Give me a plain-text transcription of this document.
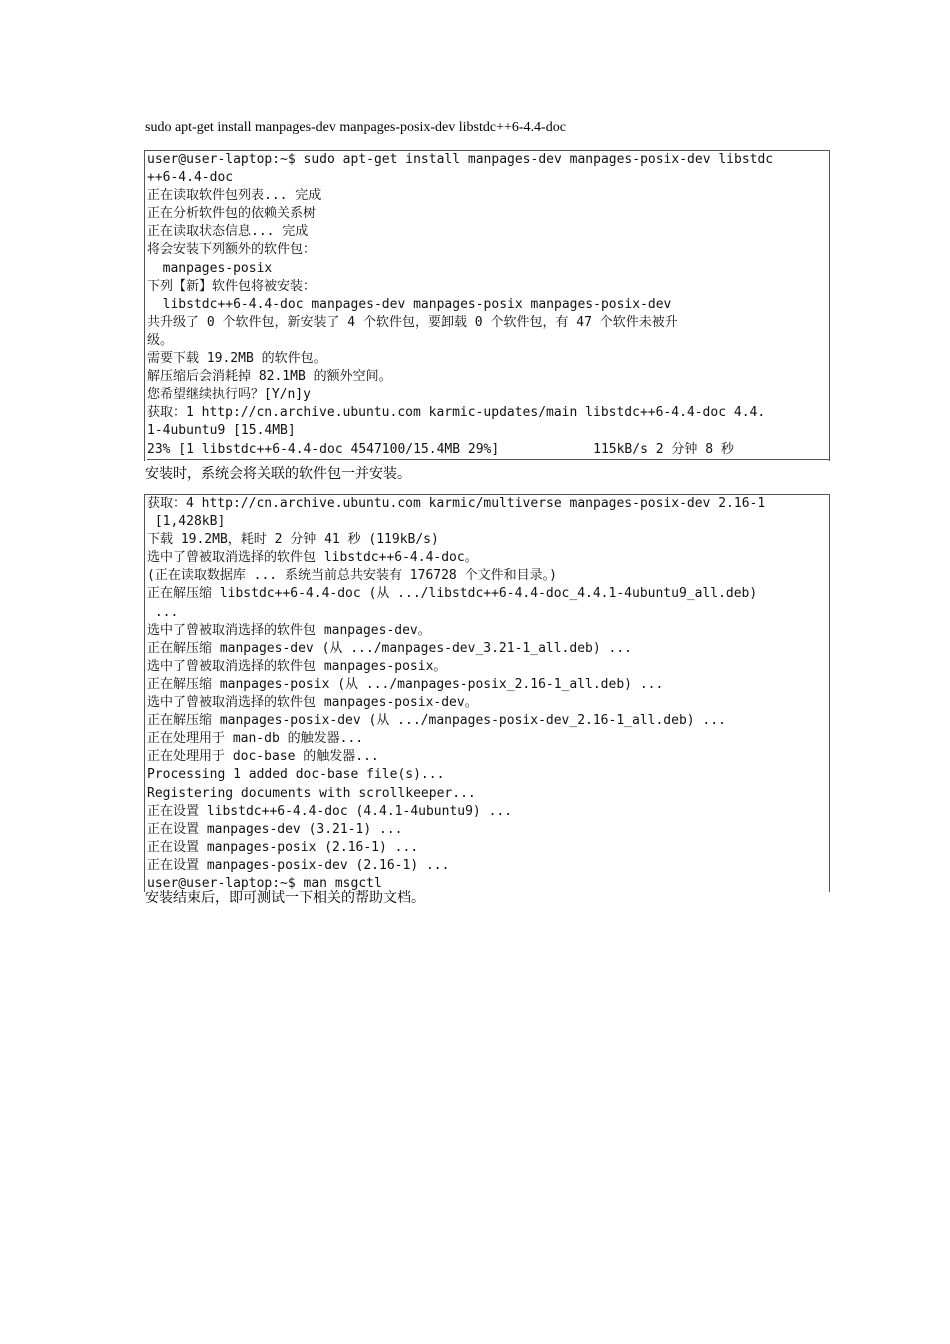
sudo apt-get install manpages-dev manpages-posix-dev libstdc++6-4.4-doc
user@user-laptop:~$ sudo apt-get install manpages-dev manpages-posix-dev libstdc
++6-4.4-doc
正在读取软件包列表... 完成
正在分析软件包的依赖关系树
正在读取状态信息... 完成
将会安装下列额外的软件包：
manpages-posix
下列【新】软件包将被安装：
libstdc++6-4.4-doc manpages-dev manpages-posix manpages-posix-dev
共升级了 0 个软件包，新安装了 4 个软件包，要卸载 0 个软件包，有 47 个软件未被升
级。
需要下载 19.2MB 的软件包。
解压缩后会消耗掉 82.1MB 的额外空间。
您希望继续执行吗？[Y/n]y
获取：1 http://cn.archive.ubuntu.com karmic-updates/main libstdc++6-4.4-doc 4.4.
1-4ubuntu9 [15.4MB]
23% [1 libstdc++6-4.4-doc 4547100/15.4MB 29%]            115kB/s 2 分钟 8 秒
安装时，系统会将关联的软件包一并安装。
获取：4 http://cn.archive.ubuntu.com karmic/multiverse manpages-posix-dev 2.16-1
[1,428kB]
下载 19.2MB，耗时 2 分钟 41 秒 (119kB/s)
选中了曾被取消选择的软件包 libstdc++6-4.4-doc。
(正在读取数据库 ... 系统当前总共安装有 176728 个文件和目录。)
正在解压缩 libstdc++6-4.4-doc (从 .../libstdc++6-4.4-doc_4.4.1-4ubuntu9_all.deb)
...
选中了曾被取消选择的软件包 manpages-dev。
正在解压缩 manpages-dev (从 .../manpages-dev_3.21-1_all.deb) ...
选中了曾被取消选择的软件包 manpages-posix。
正在解压缩 manpages-posix (从 .../manpages-posix_2.16-1_all.deb) ...
选中了曾被取消选择的软件包 manpages-posix-dev。
正在解压缩 manpages-posix-dev (从 .../manpages-posix-dev_2.16-1_all.deb) ...
正在处理用于 man-db 的触发器...
正在处理用于 doc-base 的触发器...
Processing 1 added doc-base file(s)...
Registering documents with scrollkeeper...
正在设置 libstdc++6-4.4-doc (4.4.1-4ubuntu9) ...
正在设置 manpages-dev (3.21-1) ...
正在设置 manpages-posix (2.16-1) ...
正在设置 manpages-posix-dev (2.16-1) ...
user@user-laptop:~$ man msgctl
安装结束后，即可测试一下相关的帮助文档。
